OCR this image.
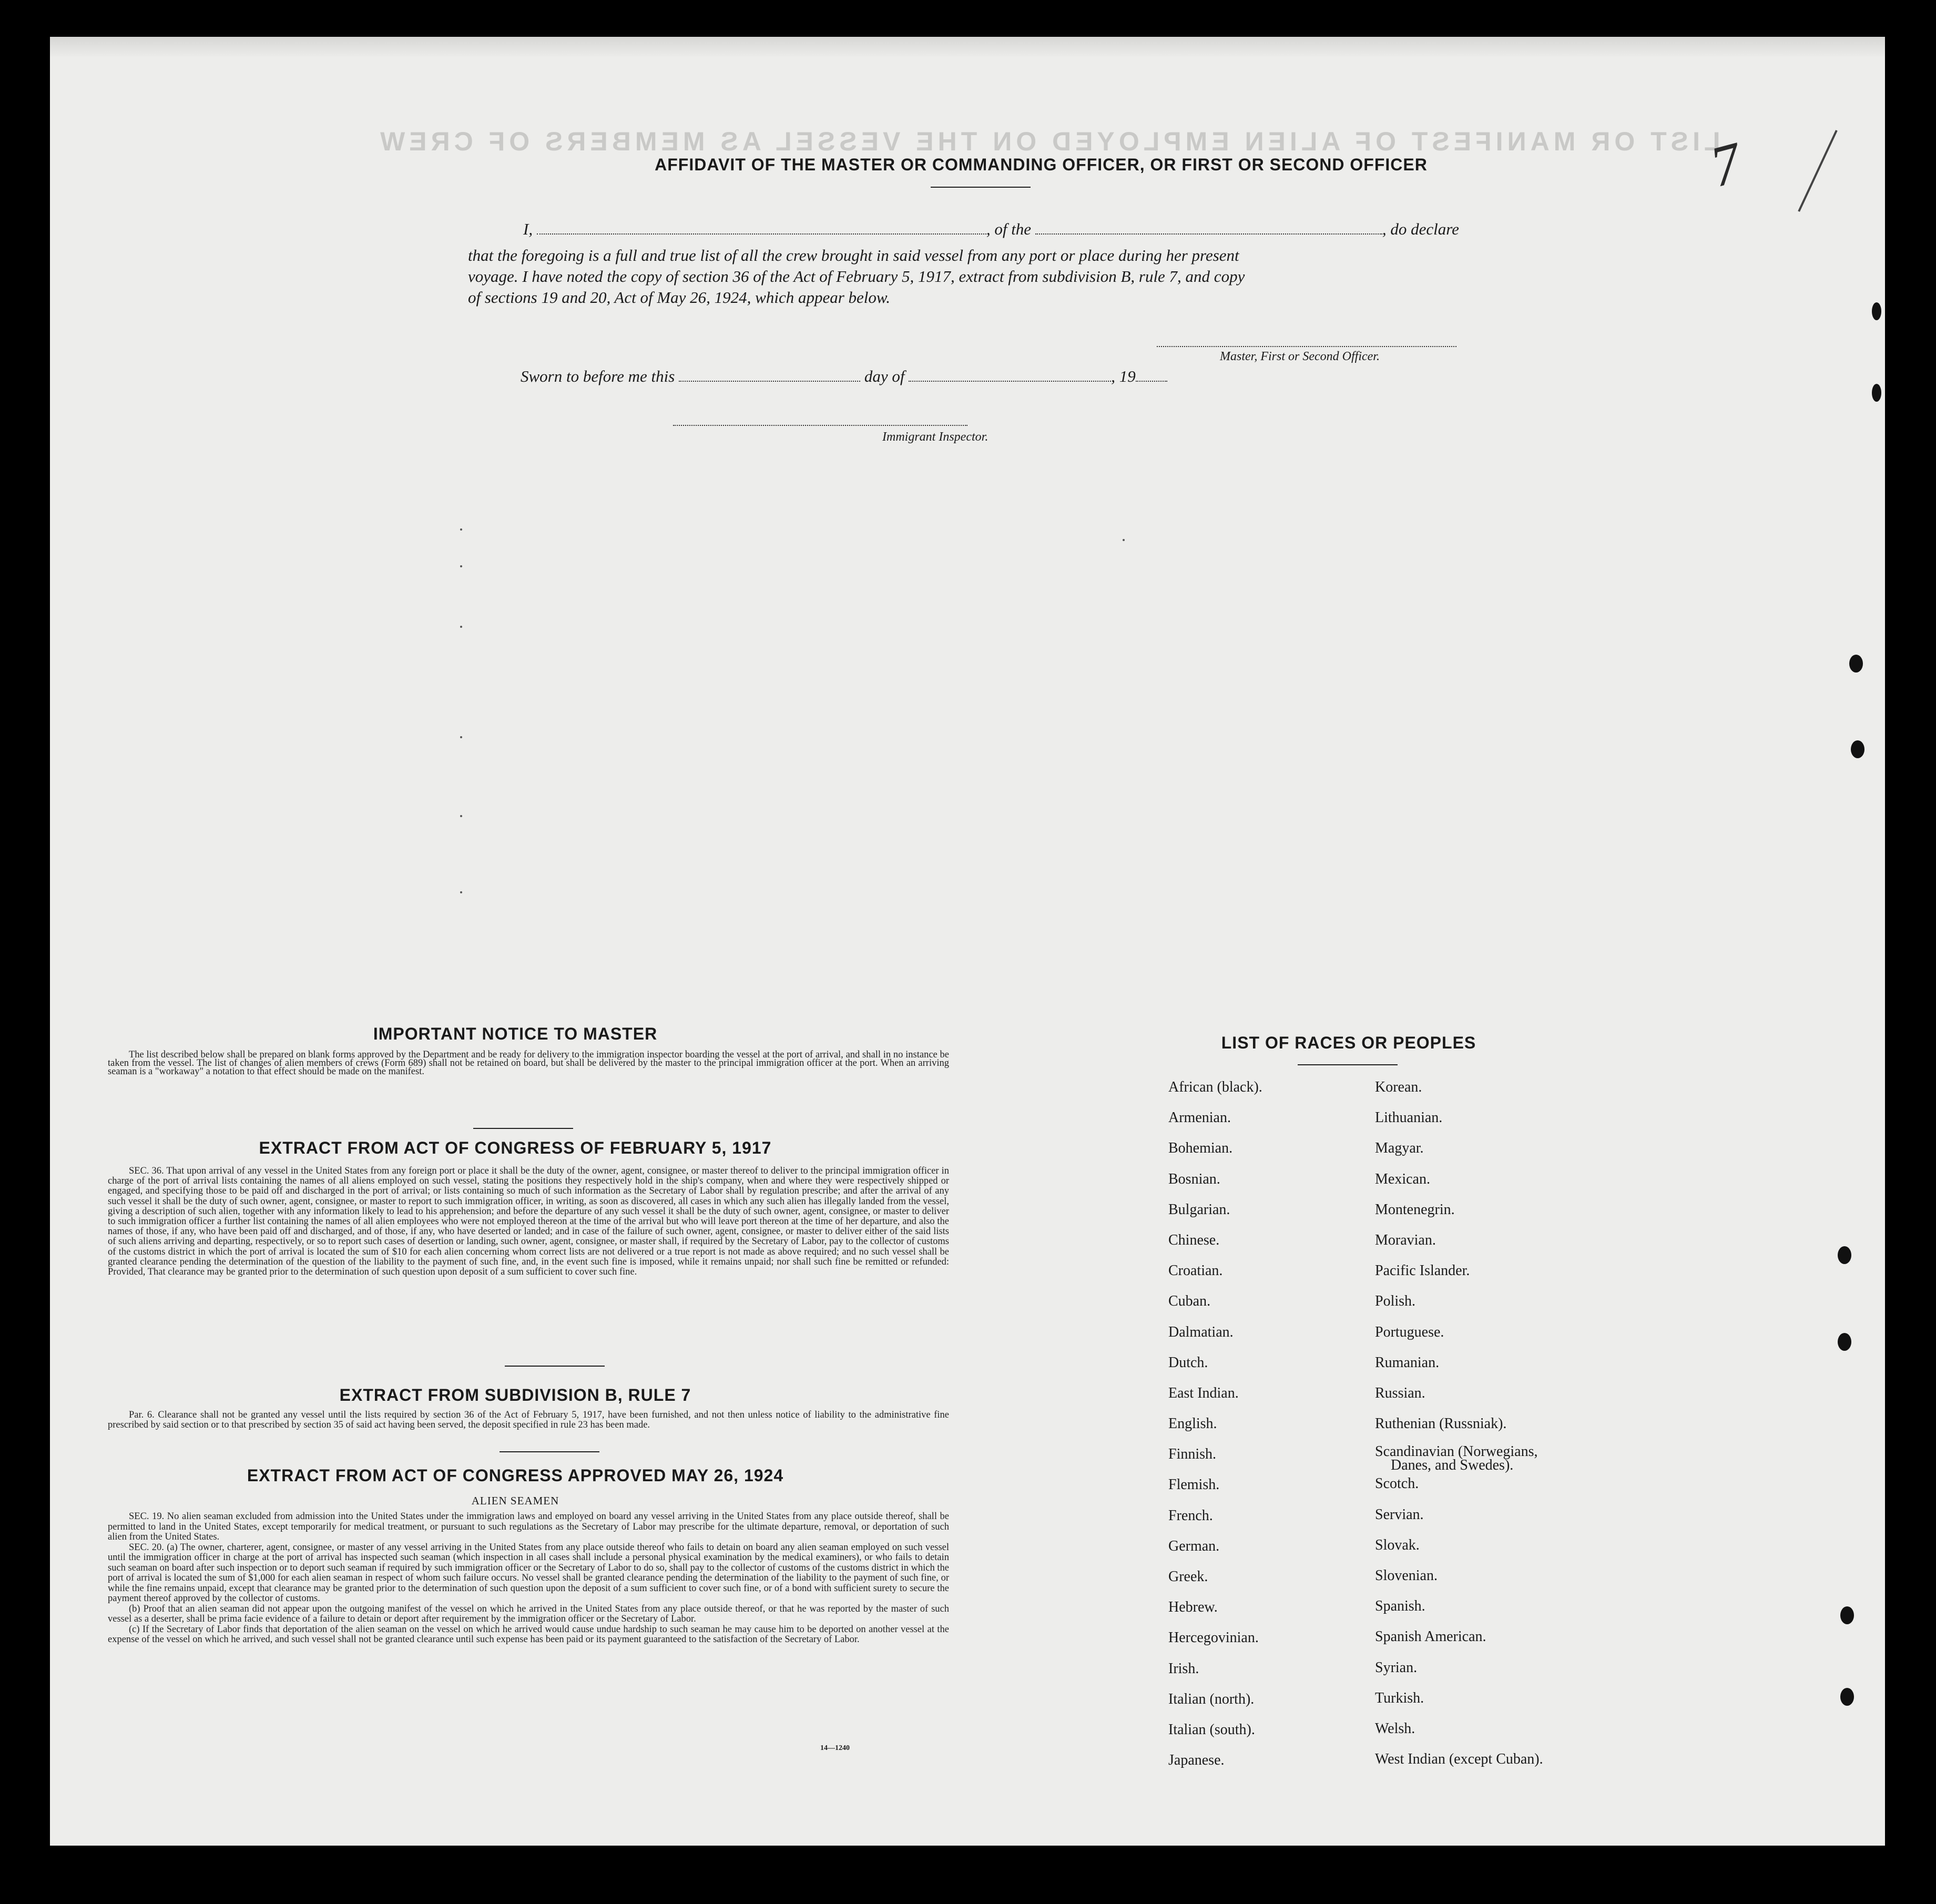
LIST OR MANIFEST OF ALIEN EMPLOYED ON THE VESSEL AS MEMBERS OF CREW
7
AFFIDAVIT OF THE MASTER OR COMMANDING OFFICER, OR FIRST OR SECOND OFFICER
I,	, of the	, do declare
that the foregoing is a full and true list of all the crew brought in said vessel from any port or place during her present
voyage. I have noted the copy of section 36 of the Act of February 5, 1917, extract from subdivision B, rule 7, and copy
of sections 19 and 20, Act of May 26, 1924, which appear below.
Master, First or Second Officer.
Sworn to before me this	day of	, 19
Immigrant Inspector.
IMPORTANT NOTICE TO MASTER

The list described below shall be prepared on blank forms approved by the Department and be ready for delivery to the immigration inspector boarding the vessel at the port of arrival, and shall in no instance be taken from the vessel. The list of changes of alien members of crews (Form 689) shall not be retained on board, but shall be delivered by the master to the principal immigration officer at the port. When an arriving seaman is a "workaway" a notation to that effect should be made on the manifest.

EXTRACT FROM ACT OF CONGRESS OF FEBRUARY 5, 1917

SEC. 36. That upon arrival of any vessel in the United States from any foreign port or place it shall be the duty of the owner, agent, consignee, or master thereof to deliver to the principal immigration officer in charge of the port of arrival lists containing the names of all aliens employed on such vessel, stating the positions they respectively hold in the ship's company, when and where they were respectively shipped or engaged, and specifying those to be paid off and discharged in the port of arrival; or lists containing so much of such information as the Secretary of Labor shall by regulation prescribe; and after the arrival of any such vessel it shall be the duty of such owner, agent, consignee, or master to report to such immigration officer, in writing, as soon as discovered, all cases in which any such alien has illegally landed from the vessel, giving a description of such alien, together with any information likely to lead to his apprehension; and before the departure of any such vessel it shall be the duty of such owner, agent, consignee, or master to deliver to such immigration officer a further list containing the names of all alien employees who were not employed thereon at the time of the arrival but who will leave port thereon at the time of her departure, and also the names of those, if any, who have been paid off and discharged, and of those, if any, who have deserted or landed; and in case of the failure of such owner, agent, consignee, or master to deliver either of the said lists of such aliens arriving and departing, respectively, or so to report such cases of desertion or landing, such owner, agent, consignee, or master shall, if required by the Secretary of Labor, pay to the collector of customs of the customs district in which the port of arrival is located the sum of $10 for each alien concerning whom correct lists are not delivered or a true report is not made as above required; and no such vessel shall be granted clearance pending the determination of the question of the liability to the payment of such fine, and, in the event such fine is imposed, while it remains unpaid; nor shall such fine be remitted or refunded: Provided, That clearance may be granted prior to the determination of such question upon deposit of a sum sufficient to cover such fine.

EXTRACT FROM SUBDIVISION B, RULE 7

Par. 6. Clearance shall not be granted any vessel until the lists required by section 36 of the Act of February 5, 1917, have been furnished, and not then unless notice of liability to the administrative fine prescribed by said section or to that prescribed by section 35 of said act having been served, the deposit specified in rule 23 has been made.

EXTRACT FROM ACT OF CONGRESS APPROVED MAY 26, 1924
ALIEN SEAMEN

SEC. 19. No alien seaman excluded from admission into the United States under the immigration laws and employed on board any vessel arriving in the United States from any place outside thereof, shall be permitted to land in the United States, except temporarily for medical treatment, or pursuant to such regulations as the Secretary of Labor may prescribe for the ultimate departure, removal, or deportation of such alien from the United States.

SEC. 20. (a) The owner, charterer, agent, consignee, or master of any vessel arriving in the United States from any place outside thereof who fails to detain on board any alien seaman employed on such vessel until the immigration officer in charge at the port of arrival has inspected such seaman (which inspection in all cases shall include a personal physical examination by the medical examiners), or who fails to detain such seaman on board after such inspection or to deport such seaman if required by such immigration officer or the Secretary of Labor to do so, shall pay to the collector of customs of the customs district in which the port of arrival is located the sum of $1,000 for each alien seaman in respect of whom such failure occurs. No vessel shall be granted clearance pending the determination of the liability to the payment of such fine, or while the fine remains unpaid, except that clearance may be granted prior to the determination of such question upon the deposit of a sum sufficient to cover such fine, or of a bond with sufficient surety to secure the payment thereof approved by the collector of customs.

(b) Proof that an alien seaman did not appear upon the outgoing manifest of the vessel on which he arrived in the United States from any place outside thereof, or that he was reported by the master of such vessel as a deserter, shall be prima facie evidence of a failure to detain or deport after requirement by the immigration officer or the Secretary of Labor.

(c) If the Secretary of Labor finds that deportation of the alien seaman on the vessel on which he arrived would cause undue hardship to such seaman he may cause him to be deported on another vessel at the expense of the vessel on which he arrived, and such vessel shall not be granted clearance until such expense has been paid or its payment guaranteed to the satisfaction of the Secretary of Labor.

14—1240
LIST OF RACES OR PEOPLES
African (black).
Armenian.
Bohemian.
Bosnian.
Bulgarian.
Chinese.
Croatian.
Cuban.
Dalmatian.
Dutch.
East Indian.
English.
Finnish.
Flemish.
French.
German.
Greek.
Hebrew.
Hercegovinian.
Irish.
Italian (north).
Italian (south).
Japanese.
Korean.
Lithuanian.
Magyar.
Mexican.
Montenegrin.
Moravian.
Pacific Islander.
Polish.
Portuguese.
Rumanian.
Russian.
Ruthenian (Russniak).
Scandinavian (Norwegians,
Danes, and Swedes).
Scotch.
Servian.
Slovak.
Slovenian.
Spanish.
Spanish American.
Syrian.
Turkish.
Welsh.
West Indian (except Cuban).
